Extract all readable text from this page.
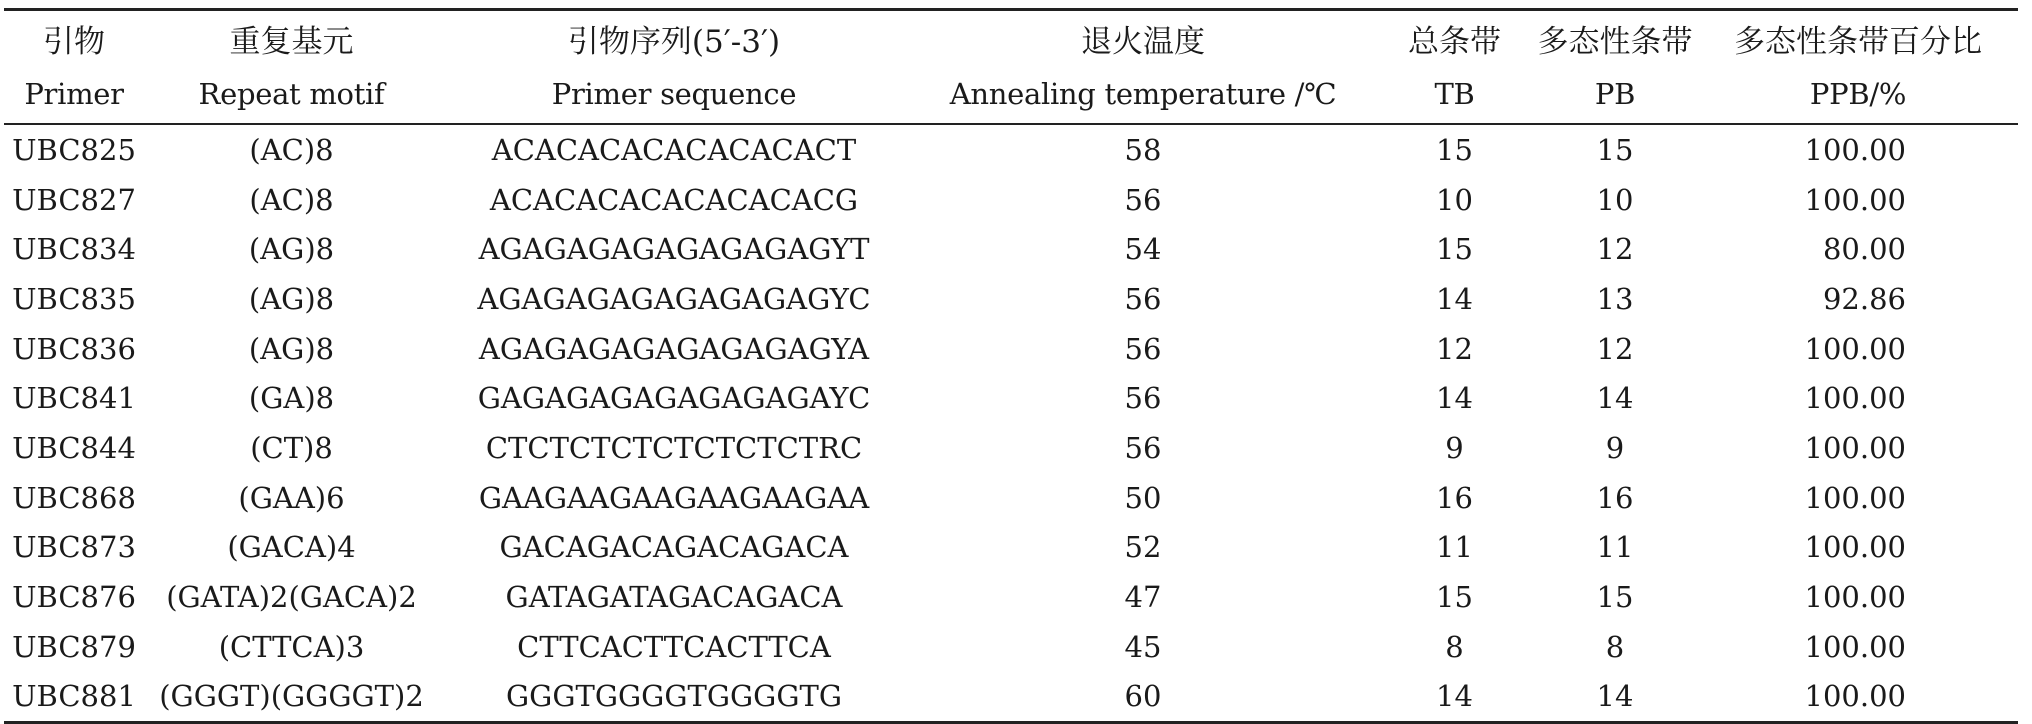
引物	重复基元	引物序列(5′-3′)	退火温度	总条带	多态性条带	多态性条带百分比
Primer	Repeat motif	Primer sequence	Annealing temperature /℃	TB	PB	PPB/%
UBC825	(AC)8	ACACACACACACACACT	58	15	15	100.00
UBC827	(AC)8	ACACACACACACACACG	56	10	10	100.00
UBC834	(AG)8	AGAGAGAGAGAGAGAGYT	54	15	12	80.00
UBC835	(AG)8	AGAGAGAGAGAGAGAGYC	56	14	13	92.86
UBC836	(AG)8	AGAGAGAGAGAGAGAGYA	56	12	12	100.00
UBC841	(GA)8	GAGAGAGAGAGAGAGAYC	56	14	14	100.00
UBC844	(CT)8	CTCTCTCTCTCTCTCTRC	56	9	9	100.00
UBC868	(GAA)6	GAAGAAGAAGAAGAAGAA	50	16	16	100.00
UBC873	(GACA)4	GACAGACAGACAGACA	52	11	11	100.00
UBC876	(GATA)2(GACA)2	GATAGATAGACAGACA	47	15	15	100.00
UBC879	(CTTCA)3	CTTCACTTCACTTCA	45	8	8	100.00
UBC881	(GGGT)(GGGGT)2	GGGTGGGGTGGGGTG	60	14	14	100.00
